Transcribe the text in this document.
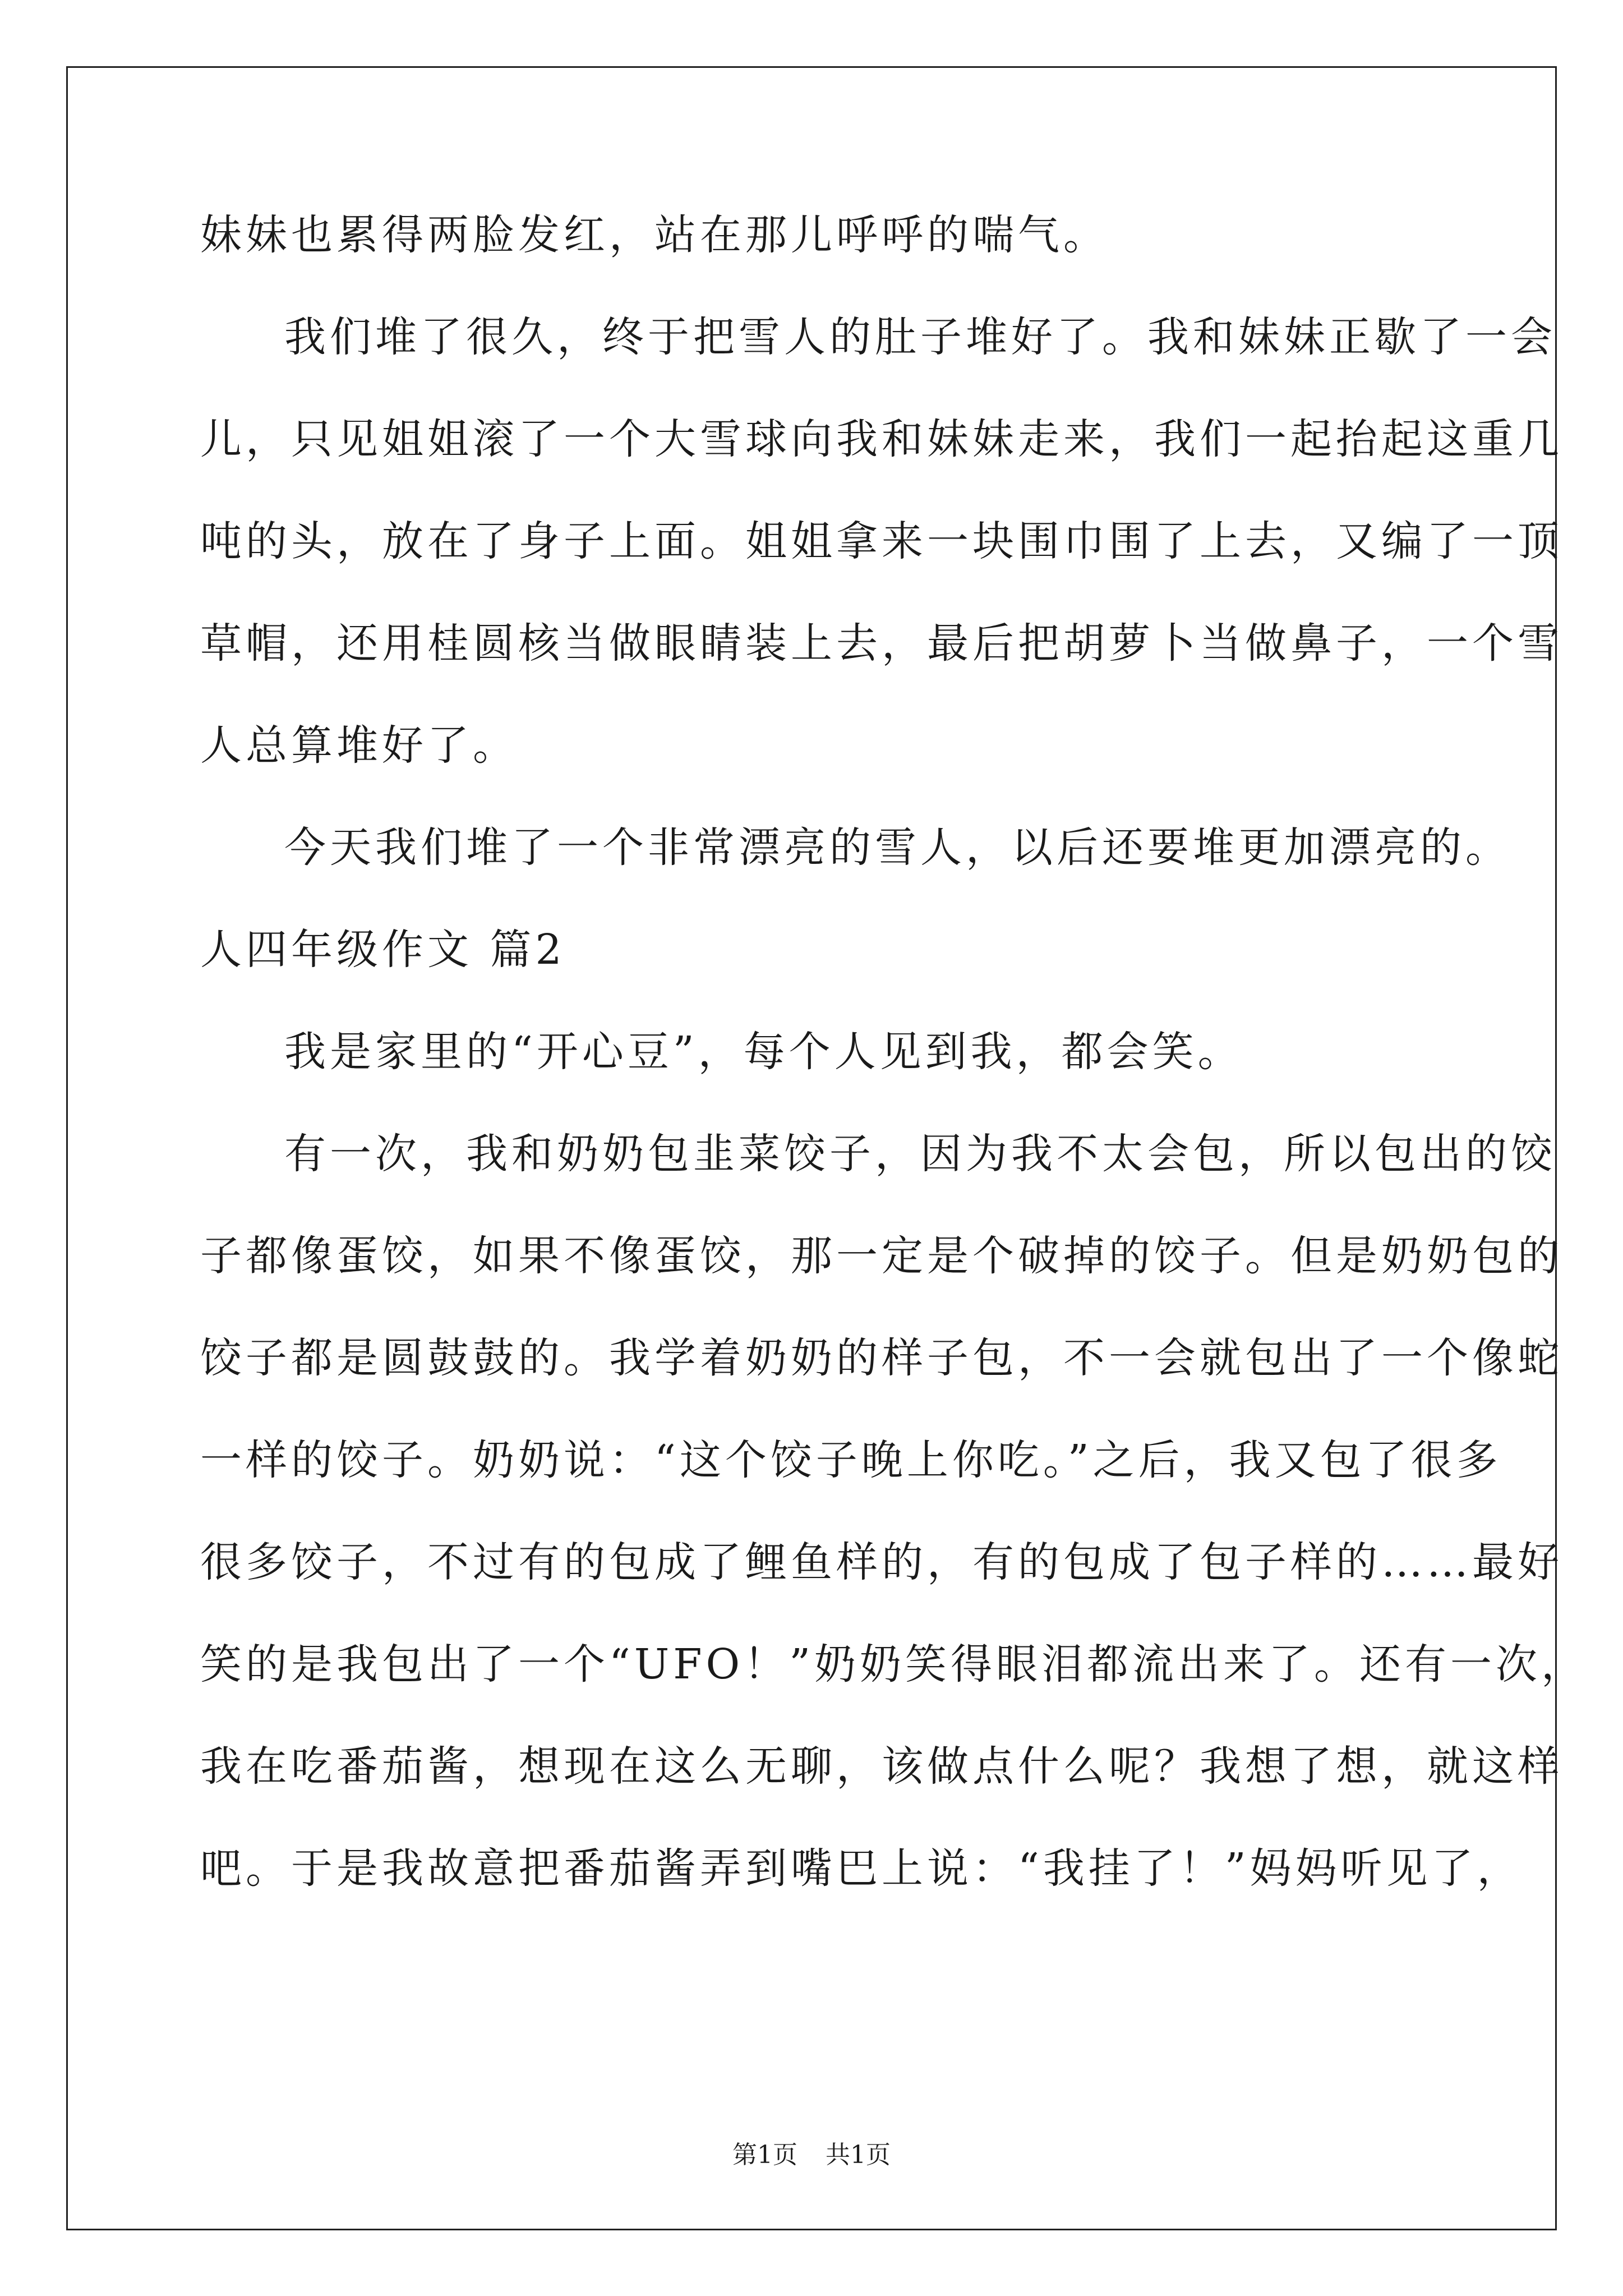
妹妹也累得两脸发红，站在那儿呼呼的喘气。
我们堆了很久，终于把雪人的肚子堆好了。我和妹妹正歇了一会
儿，只见姐姐滚了一个大雪球向我和妹妹走来，我们一起抬起这重几
吨的头，放在了身子上面。姐姐拿来一块围巾围了上去，又编了一顶
草帽，还用桂圆核当做眼睛装上去，最后把胡萝卜当做鼻子，一个雪
人总算堆好了。
今天我们堆了一个非常漂亮的雪人，以后还要堆更加漂亮的。
人四年级作文 篇2
我是家里的“开心豆”，每个人见到我，都会笑。
有一次，我和奶奶包韭菜饺子，因为我不太会包，所以包出的饺
子都像蛋饺，如果不像蛋饺，那一定是个破掉的饺子。但是奶奶包的
饺子都是圆鼓鼓的。我学着奶奶的样子包，不一会就包出了一个像蛇
一样的饺子。奶奶说：“这个饺子晚上你吃。”之后，我又包了很多
很多饺子，不过有的包成了鲤鱼样的，有的包成了包子样的……最好
笑的是我包出了一个“UFO！”奶奶笑得眼泪都流出来了。还有一次，
我在吃番茄酱，想现在这么无聊，该做点什么呢？我想了想，就这样
吧。于是我故意把番茄酱弄到嘴巴上说：“我挂了！”妈妈听见了，
第1页 共1页
